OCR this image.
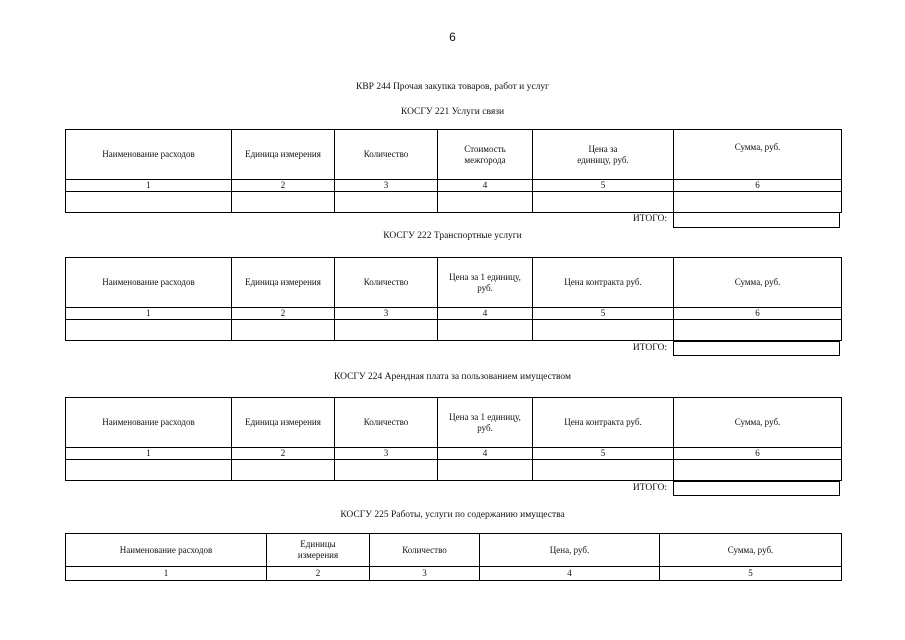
6
КВР 244 Прочая закупка товаров, работ и услуг
КОСГУ 221 Услуги связи
Наименование расходов	Единица измерения	Количество	Стоимость межгорода	Цена за единицу, руб.	Сумма, руб.
1	2	3	4	5	6

ИТОГО:
КОСГУ 222 Транспортные услуги
Наименование расходов	Единица измерения	Количество	Цена за 1 единицу, руб.	Цена контракта руб.	Сумма, руб.
1	2	3	4	5	6

ИТОГО:
КОСГУ 224 Арендная плата за пользованием имуществом
Наименование расходов	Единица измерения	Количество	Цена за 1 единицу, руб.	Цена контракта руб.	Сумма, руб.
1	2	3	4	5	6

ИТОГО:
КОСГУ 225 Работы, услуги по содержанию имущества
Наименование расходов	Единицы измерения	Количество	Цена, руб.	Сумма, руб.
1	2	3	4	5
